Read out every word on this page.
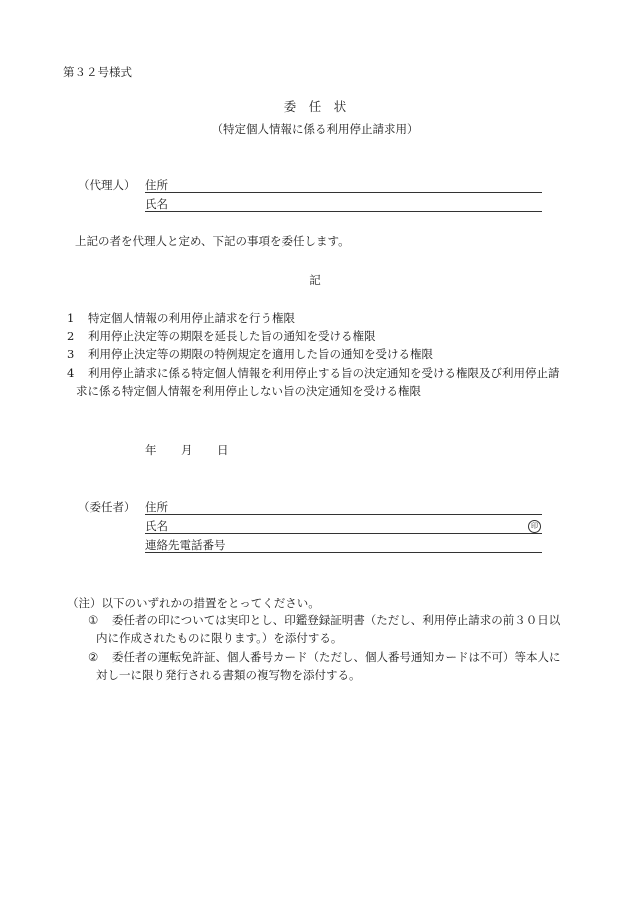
第３２号様式
委　任　状
（特定個人情報に係る利用停止請求用）
（代理人） 住所
氏名
上記の者を代理人と定め、下記の事項を委任します。
記
1 特定個人情報の利用停止請求を行う権限
2 利用停止決定等の期限を延長した旨の通知を受ける権限
3 利用停止決定等の期限の特例規定を適用した旨の通知を受ける権限
4 利用停止請求に係る特定個人情報を利用停止する旨の決定通知を受ける権限及び利用停止請
求に係る特定個人情報を利用停止しない旨の決定通知を受ける権限
年 月 日
（委任者） 住所
氏名	印
連絡先電話番号
（注）以下のいずれかの措置をとってください。
① 委任者の印については実印とし、印鑑登録証明書（ただし、利用停止請求の前３０日以
内に作成されたものに限ります。）を添付する。
② 委任者の運転免許証、個人番号カード（ただし、個人番号通知カードは不可）等本人に
対し一に限り発行される書類の複写物を添付する。
